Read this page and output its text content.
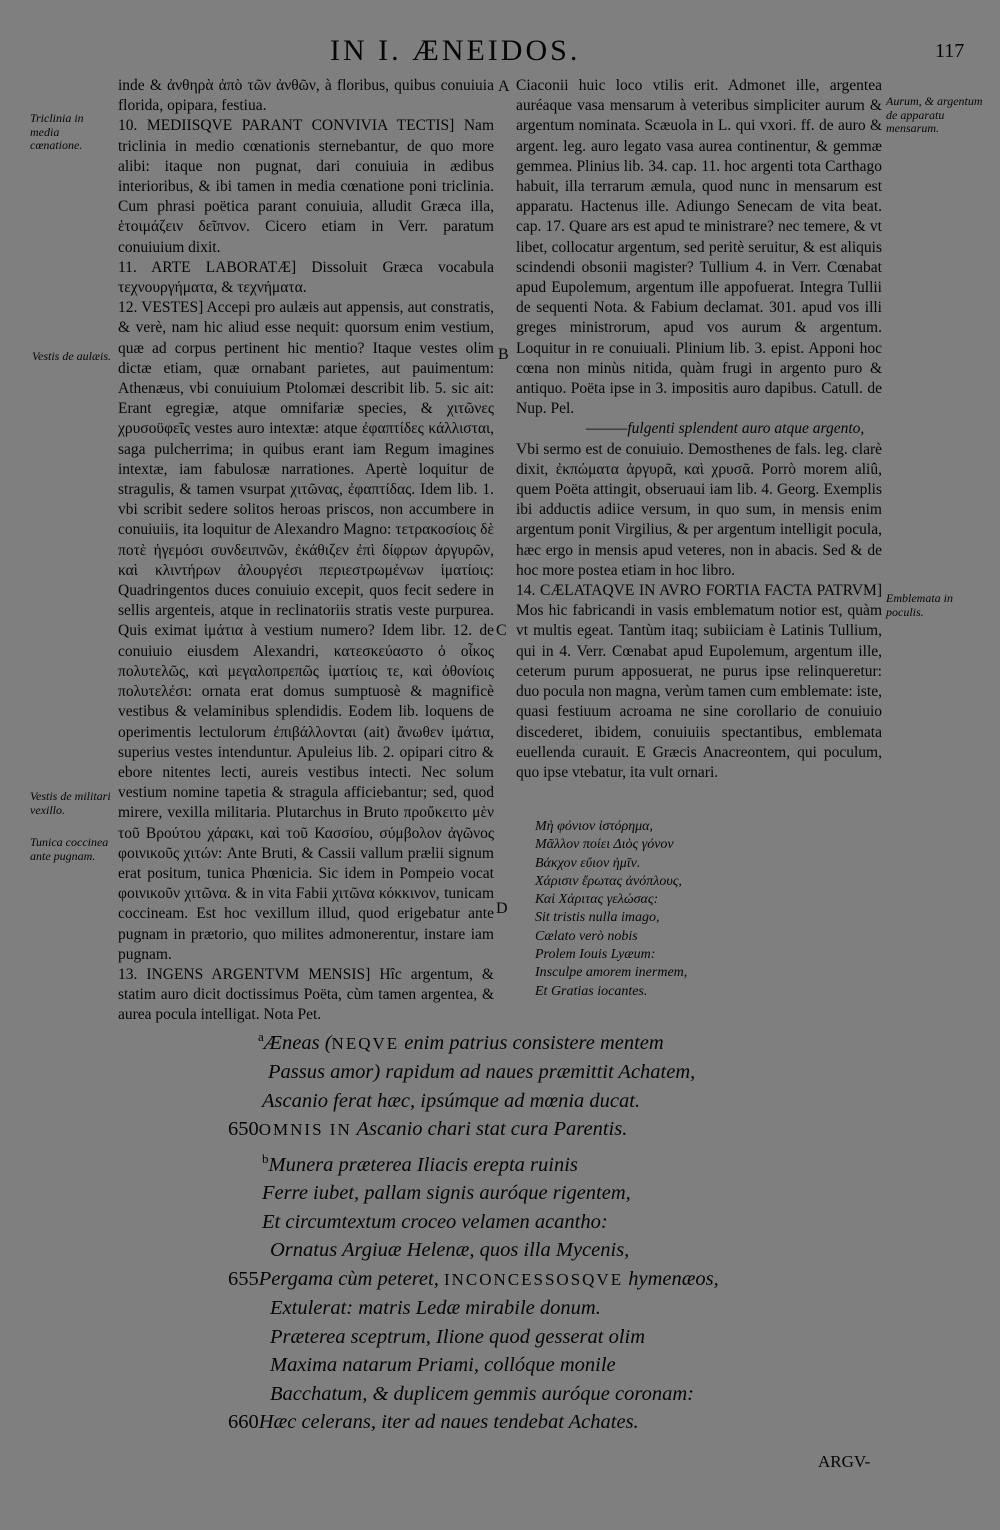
IN I. ÆNEIDOS.	117
Triclinia in media cœnatione.
Vestis de aulæis.
Vestis de militari vexillo.
Tunica coccinea ante pugnam.
Aurum, & argentum de apparatu mensarum.
Emblemata in poculis.
A
B
C
D

inde & ἀνθηρὰ ἀπὸ τῶν ἀνθῶν, à floribus, quibus conuiuia florida, opipara, festiua.

10. MEDIISQVE PARANT CONVIVIA TECTIS] Nam triclinia in medio cœnationis sternebantur, de quo more alibi: itaque non pugnat, dari conuiuia in ædibus interioribus, & ibi tamen in media cœnatione poni triclinia. Cum phrasi poëtica parant conuiuia, alludit Græca illa, ἑτοιμάζειν δεῖπνον. Cicero etiam in Verr. paratum conuiuium dixit.

11. ARTE LABORATÆ] Dissoluit Græca vocabula τεχνουργήματα, & τεχνήματα.

12. VESTES] Accepi pro aulæis aut appensis, aut constratis, & verè, nam hic aliud esse nequit: quorsum enim vestium, quæ ad corpus pertinent hic mentio? Itaque vestes olim dictæ etiam, quæ ornabant parietes, aut pauimentum: Athenæus, vbi conuiuium Ptolomæi describit lib. 5. sic ait: Erant egregiæ, atque omnifariæ species, & χιτῶνες χρυσοϋφεῖς vestes auro intextæ: atque ἐφαπτίδες κάλλισται, saga pulcherrima; in quibus erant iam Regum imagines intextæ, iam fabulosæ narrationes. Apertè loquitur de stragulis, & tamen vsurpat χιτῶνας, ἐφαπτίδας. Idem lib. 1. vbi scribit sedere solitos heroas priscos, non accumbere in conuiuiis, ita loquitur de Alexandro Magno: τετρακοσίοις δὲ ποτὲ ἡγεμόσι συνδειπνῶν, ἐκάθιζεν ἐπὶ δίφρων ἀργυρῶν, καὶ κλιντήρων ἀλουργέσι περιεστρωμένων ἱματίοις: Quadringentos duces conuiuio excepit, quos fecit sedere in sellis argenteis, atque in reclinatoriis stratis veste purpurea. Quis eximat ἱμάτια à vestium numero? Idem libr. 12. de conuiuio eiusdem Alexandri, κατεσκεύαστο ὁ οἶκος πολυτελῶς, καὶ μεγαλοπρεπῶς ἱματίοις τε, καὶ ὀθονίοις πολυτελέσι: ornata erat domus sumptuosè & magnificè vestibus & velaminibus splendidis. Eodem lib. loquens de operimentis lectulorum ἐπιβάλλονται (ait) ἄνωθεν ἱμάτια, superius vestes intenduntur. Apuleius lib. 2. opipari citro & ebore nitentes lecti, aureis vestibus intecti. Nec solum vestium nomine tapetia & stragula afficiebantur; sed, quod mirere, vexilla militaria. Plutarchus in Bruto προὔκειτο μὲν τοῦ Βρούτου χάρακι, καὶ τοῦ Κασσίου, σύμβολον ἀγῶνος φοινικοῦς χιτών: Ante Bruti, & Cassii vallum prælii signum erat positum, tunica Phœnicia. Sic idem in Pompeio vocat φοινικοῦν χιτῶνα. & in vita Fabii χιτῶνα κόκκινον, tunicam coccineam. Est hoc vexillum illud, quod erigebatur ante pugnam in prætorio, quo milites admonerentur, instare iam pugnam.

13. INGENS ARGENTVM MENSIS] Hîc argentum, & statim auro dicit doctissimus Poëta, cùm tamen argentea, & aurea pocula intelligat. Nota Pet.

Ciaconii huic loco vtilis erit. Admonet ille, argentea auréaque vasa mensarum à veteribus simpliciter aurum & argentum nominata. Scæuola in L. qui vxori. ff. de auro & argent. leg. auro legato vasa aurea continentur, & gemmæ gemmea. Plinius lib. 34. cap. 11. hoc argenti tota Carthago habuit, illa terrarum æmula, quod nunc in mensarum est apparatu. Hactenus ille. Adiungo Senecam de vita beat. cap. 17. Quare ars est apud te ministrare? nec temere, & vt libet, collocatur argentum, sed peritè seruitur, & est aliquis scindendi obsonii magister? Tullium 4. in Verr. Cœnabat apud Eupolemum, argentum ille appofuerat. Integra Tullii de sequenti Nota. & Fabium declamat. 301. apud vos illi greges ministrorum, apud vos aurum & argentum. Loquitur in re conuiuali. Plinium lib. 3. epist. Apponi hoc cœna non minùs nitida, quàm frugi in argento puro & antiquo. Poëta ipse in 3. impositis auro dapibus. Catull. de Nup. Pel.

———fulgenti splendent auro atque argento,

Vbi sermo est de conuiuio. Demosthenes de fals. leg. clarè dixit, ἐκπώματα ἀργυρᾶ, καὶ χρυσᾶ. Porrò morem aliû, quem Poëta attingit, obseruaui iam lib. 4. Georg. Exemplis ibi adductis adiice versum, in quo sum, in mensis enim argentum ponit Virgilius, & per argentum intelligit pocula, hæc ergo in mensis apud veteres, non in abacis. Sed & de hoc more postea etiam in hoc libro.

14. CÆLATAQVE IN AVRO FORTIA FACTA PATRVM] Mos hic fabricandi in vasis emblematum notior est, quàm vt multis egeat. Tantùm itaq; subiiciam è Latinis Tullium, qui in 4. Verr. Cœnabat apud Eupolemum, argentum ille, ceterum purum apposuerat, ne purus ipse relinqueretur: duo pocula non magna, verùm tamen cum emblemate: iste, quasi festiuum acroama ne sine corollario de conuiuio discederet, ibidem, conuiuiis spectantibus, emblemata euellenda curauit. E Græcis Anacreontem, qui poculum, quo ipse vtebatur, ita vult ornari.

Μὴ φόνιον ἱστόρημα,
Μᾶλλον ποίει Διὸς γόνον
Βάκχον εὔιον ἡμῖν.
Χάρισιν ἔρωτας ἀνόπλους,
Καὶ Χάριτας γελώσας:
Sit tristis nulla imago,
Cælato verò nobis
Prolem Iouis Lyæum:
Insculpe amorem inermem,
Et Gratias iocantes.
$^a$Æneas (NEQVE enim patrius consistere mentem
Passus amor) rapidum ad naues præmittit Achatem,
Ascanio ferat hæc, ipsúmque ad mœnia ducat.
650OMNIS IN Ascanio chari stat cura Parentis.
$^b$Munera præterea Iliacis erepta ruinis
Ferre iubet, pallam signis auróque rigentem,
Et circumtextum croceo velamen acantho:
Ornatus Argiuæ Helenæ, quos illa Mycenis,
655Pergama cùm peteret, INCONCESSOSQVE hymenæos,
Extulerat: matris Ledæ mirabile donum.
Præterea sceptrum, Ilione quod gesserat olim
Maxima natarum Priami, collóque monile
Bacchatum, & duplicem gemmis auróque coronam:
660Hæc celerans, iter ad naues tendebat Achates.
ARGV-
